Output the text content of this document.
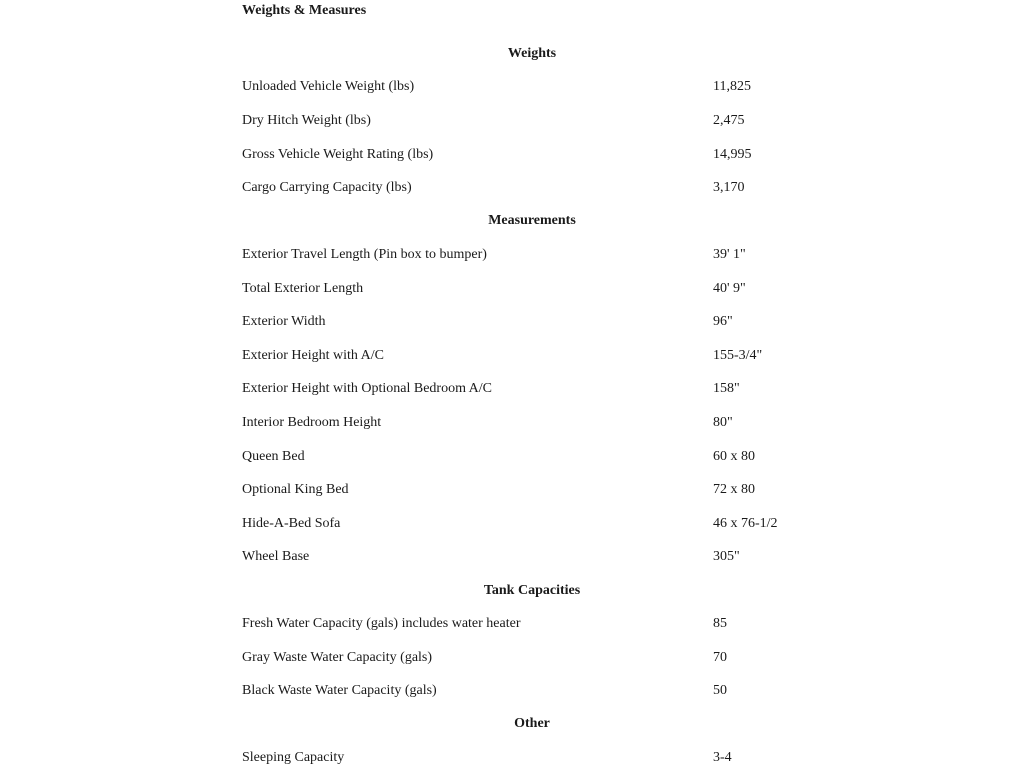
Weights & Measures
Weights
Unloaded Vehicle Weight (lbs)	11,825
Dry Hitch Weight (lbs)	2,475
Gross Vehicle Weight Rating (lbs)	14,995
Cargo Carrying Capacity (lbs)	3,170
Measurements
Exterior Travel Length (Pin box to bumper)	39' 1"
Total Exterior Length	40' 9"
Exterior Width	96"
Exterior Height with A/C	155-3/4"
Exterior Height with Optional Bedroom A/C	158"
Interior Bedroom Height	80"
Queen Bed	60 x 80
Optional King Bed	72 x 80
Hide-A-Bed Sofa	46 x 76-1/2
Wheel Base	305"
Tank Capacities
Fresh Water Capacity (gals) includes water heater	85
Gray Waste Water Capacity (gals)	70
Black Waste Water Capacity (gals)	50
Other
Sleeping Capacity	3-4
